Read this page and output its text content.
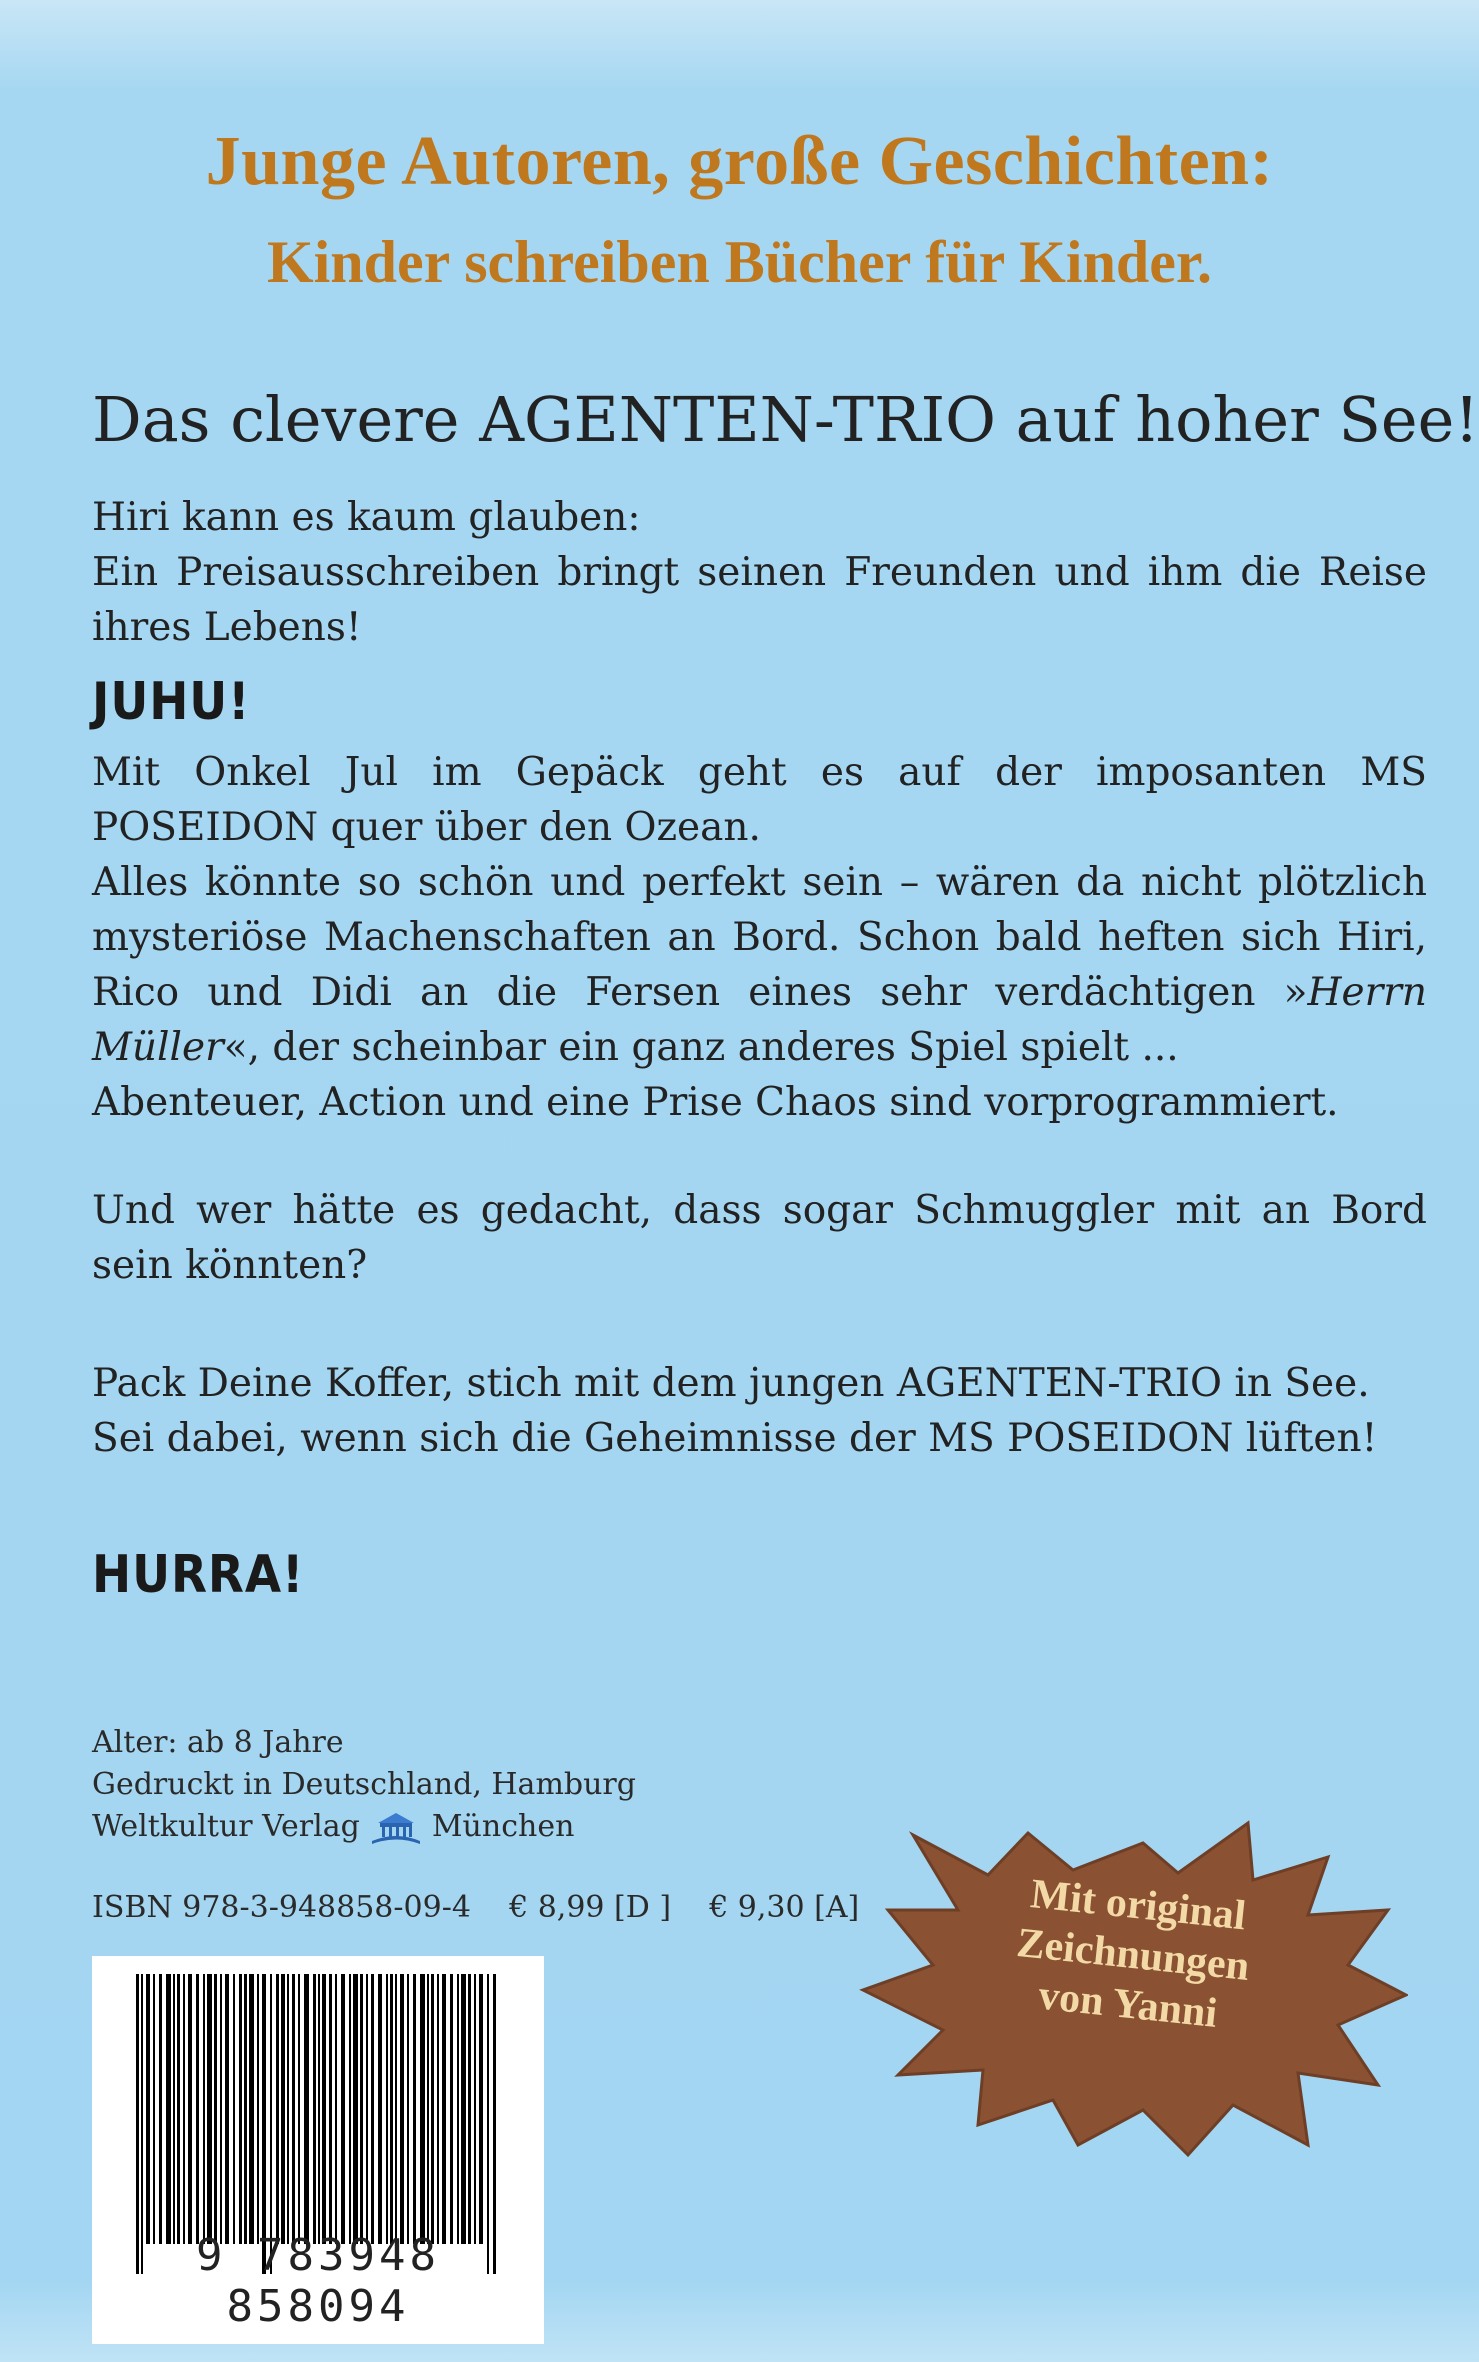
Junge Autoren, große Geschichten:
Kinder schreiben Bücher für Kinder.
Das clevere AGENTEN-TRIO auf hoher See!

Hiri kann es kaum glauben:

Ein Preisausschreiben bringt seinen Freunden und ihm die Reise ihres Lebens!

JUHU!

Mit Onkel Jul im Gepäck geht es auf der imposanten MS POSEIDON quer über den Ozean.

Alles könnte so schön und perfekt sein – wären da nicht plötzlich mysteriöse Machenschaften an Bord. Schon bald heften sich Hiri, Rico und Didi an die Fersen eines sehr verdächtigen »Herrn Müller«, der scheinbar ein ganz anderes Spiel spielt ...

Abenteuer, Action und eine Prise Chaos sind vorprogrammiert.

Und wer hätte es gedacht, dass sogar Schmuggler mit an Bord sein könnten?

Pack Deine Koffer, stich mit dem jungen AGENTEN-TRIO in See.

Sei dabei, wenn sich die Geheimnisse der MS POSEIDON lüften!

HURRA!

Alter: ab 8 Jahre

Gedruckt in Deutschland, Hamburg

Weltkultur Verlag München

ISBN 978-3-948858-09-4 € 8,99 [D ] € 9,30 [A]
9 783948 858094
Mit original
Zeichnungen
von Yanni
